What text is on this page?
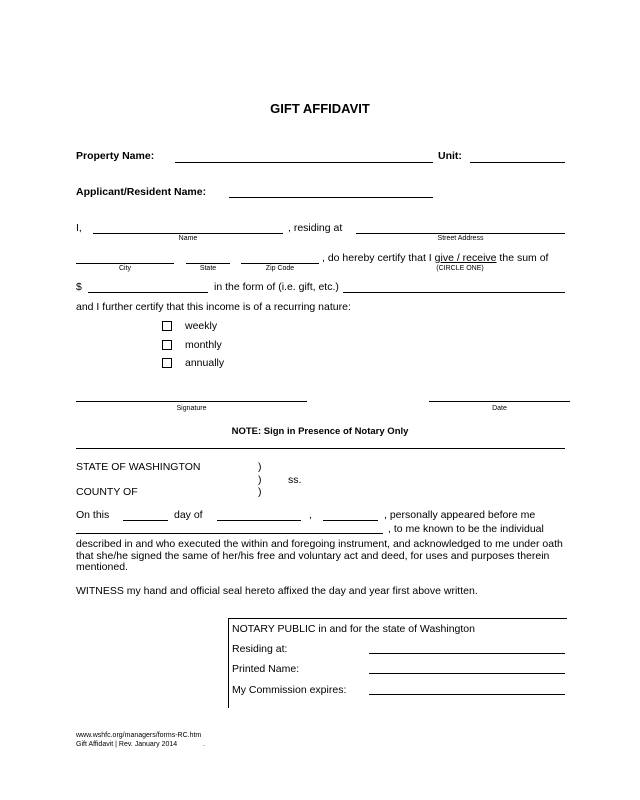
GIFT AFFIDAVIT
Property Name:	Unit:
Applicant/Resident Name:
I,
Name
, residing at
Street Address
City	State	Zip Code
, do hereby certify that I give / receive the sum of
(CIRCLE ONE)
$	in the form of (i.e. gift, etc.)
and I further certify that this income is of a recurring nature:
weekly
monthly
annually
Signature	Date
NOTE: Sign in Presence of Notary Only
STATE OF WASHINGTON	)
)	ss.
COUNTY OF	)
On this	day of	,	, personally appeared before me
, to me known to be the individual
described in and who executed the within and foregoing instrument, and acknowledged to me under oath that she/he signed the same of her/his free and voluntary act and deed, for uses and purposes therein mentioned.
WITNESS my hand and official seal hereto affixed the day and year first above written.
NOTARY PUBLIC in and for the state of Washington
Residing at:
Printed Name:
My Commission expires:
www.wshfc.org/managers/forms-RC.htm
Gift Affidavit | Rev. January 2014	.
